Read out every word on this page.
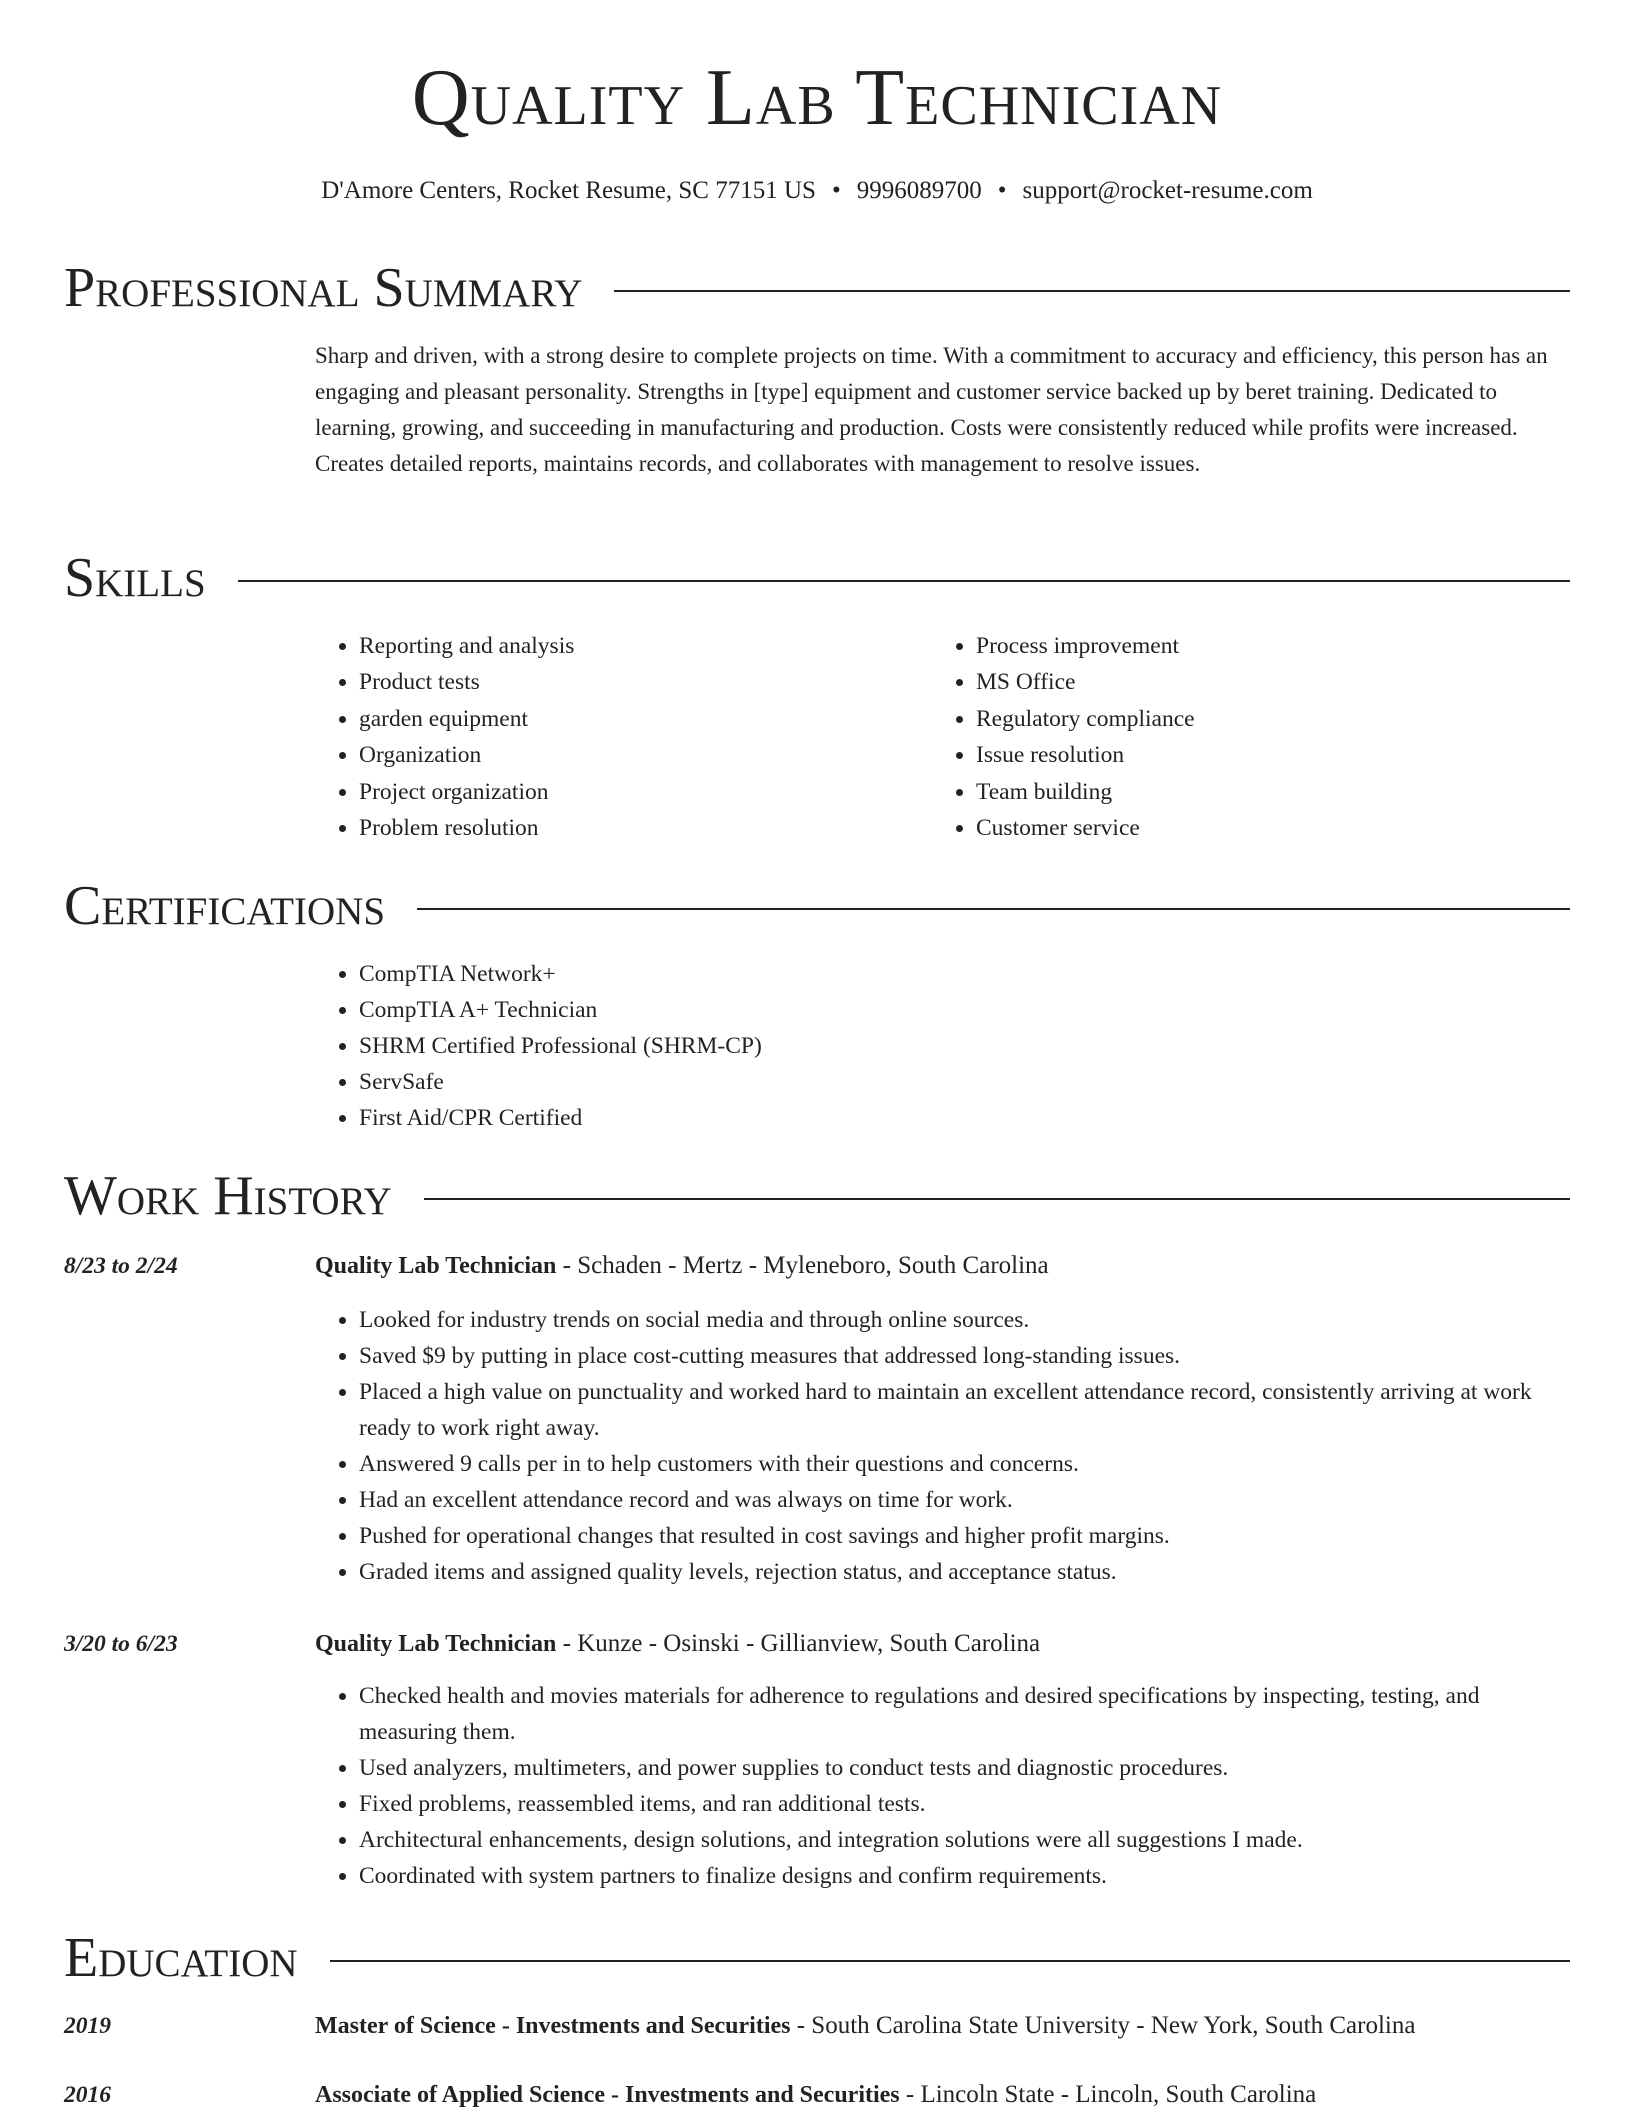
Quality Lab Technician
D'Amore Centers, Rocket Resume, SC 77151 US • 9996089700 • support@rocket-resume.com
Professional Summary

Sharp and driven, with a strong desire to complete projects on time. With a commitment to accuracy and efficiency, this person has an engaging and pleasant personality. Strengths in [type] equipment and customer service backed up by beret training. Dedicated to learning, growing, and succeeding in manufacturing and production. Costs were consistently reduced while profits were increased. Creates detailed reports, maintains records, and collaborates with management to resolve issues.

Skills
• Reporting and analysis
• Product tests
• garden equipment
• Organization
• Project organization
• Problem resolution
• Process improvement
• MS Office
• Regulatory compliance
• Issue resolution
• Team building
• Customer service
Certifications
• CompTIA Network+
• CompTIA A+ Technician
• SHRM Certified Professional (SHRM-CP)
• ServSafe
• First Aid/CPR Certified
Work History
8/23 to 2/24	Quality Lab Technician - Schaden - Mertz - Myleneboro, South Carolina
• Looked for industry trends on social media and through online sources.
• Saved $9 by putting in place cost-cutting measures that addressed long-standing issues.
• Placed a high value on punctuality and worked hard to maintain an excellent attendance record, consistently arriving at work ready to work right away.
• Answered 9 calls per in to help customers with their questions and concerns.
• Had an excellent attendance record and was always on time for work.
• Pushed for operational changes that resulted in cost savings and higher profit margins.
• Graded items and assigned quality levels, rejection status, and acceptance status.
3/20 to 6/23	Quality Lab Technician - Kunze - Osinski - Gillianview, South Carolina
• Checked health and movies materials for adherence to regulations and desired specifications by inspecting, testing, and measuring them.
• Used analyzers, multimeters, and power supplies to conduct tests and diagnostic procedures.
• Fixed problems, reassembled items, and ran additional tests.
• Architectural enhancements, design solutions, and integration solutions were all suggestions I made.
• Coordinated with system partners to finalize designs and confirm requirements.
Education
2019	Master of Science - Investments and Securities - South Carolina State University - New York, South Carolina
2016	Associate of Applied Science - Investments and Securities - Lincoln State - Lincoln, South Carolina
